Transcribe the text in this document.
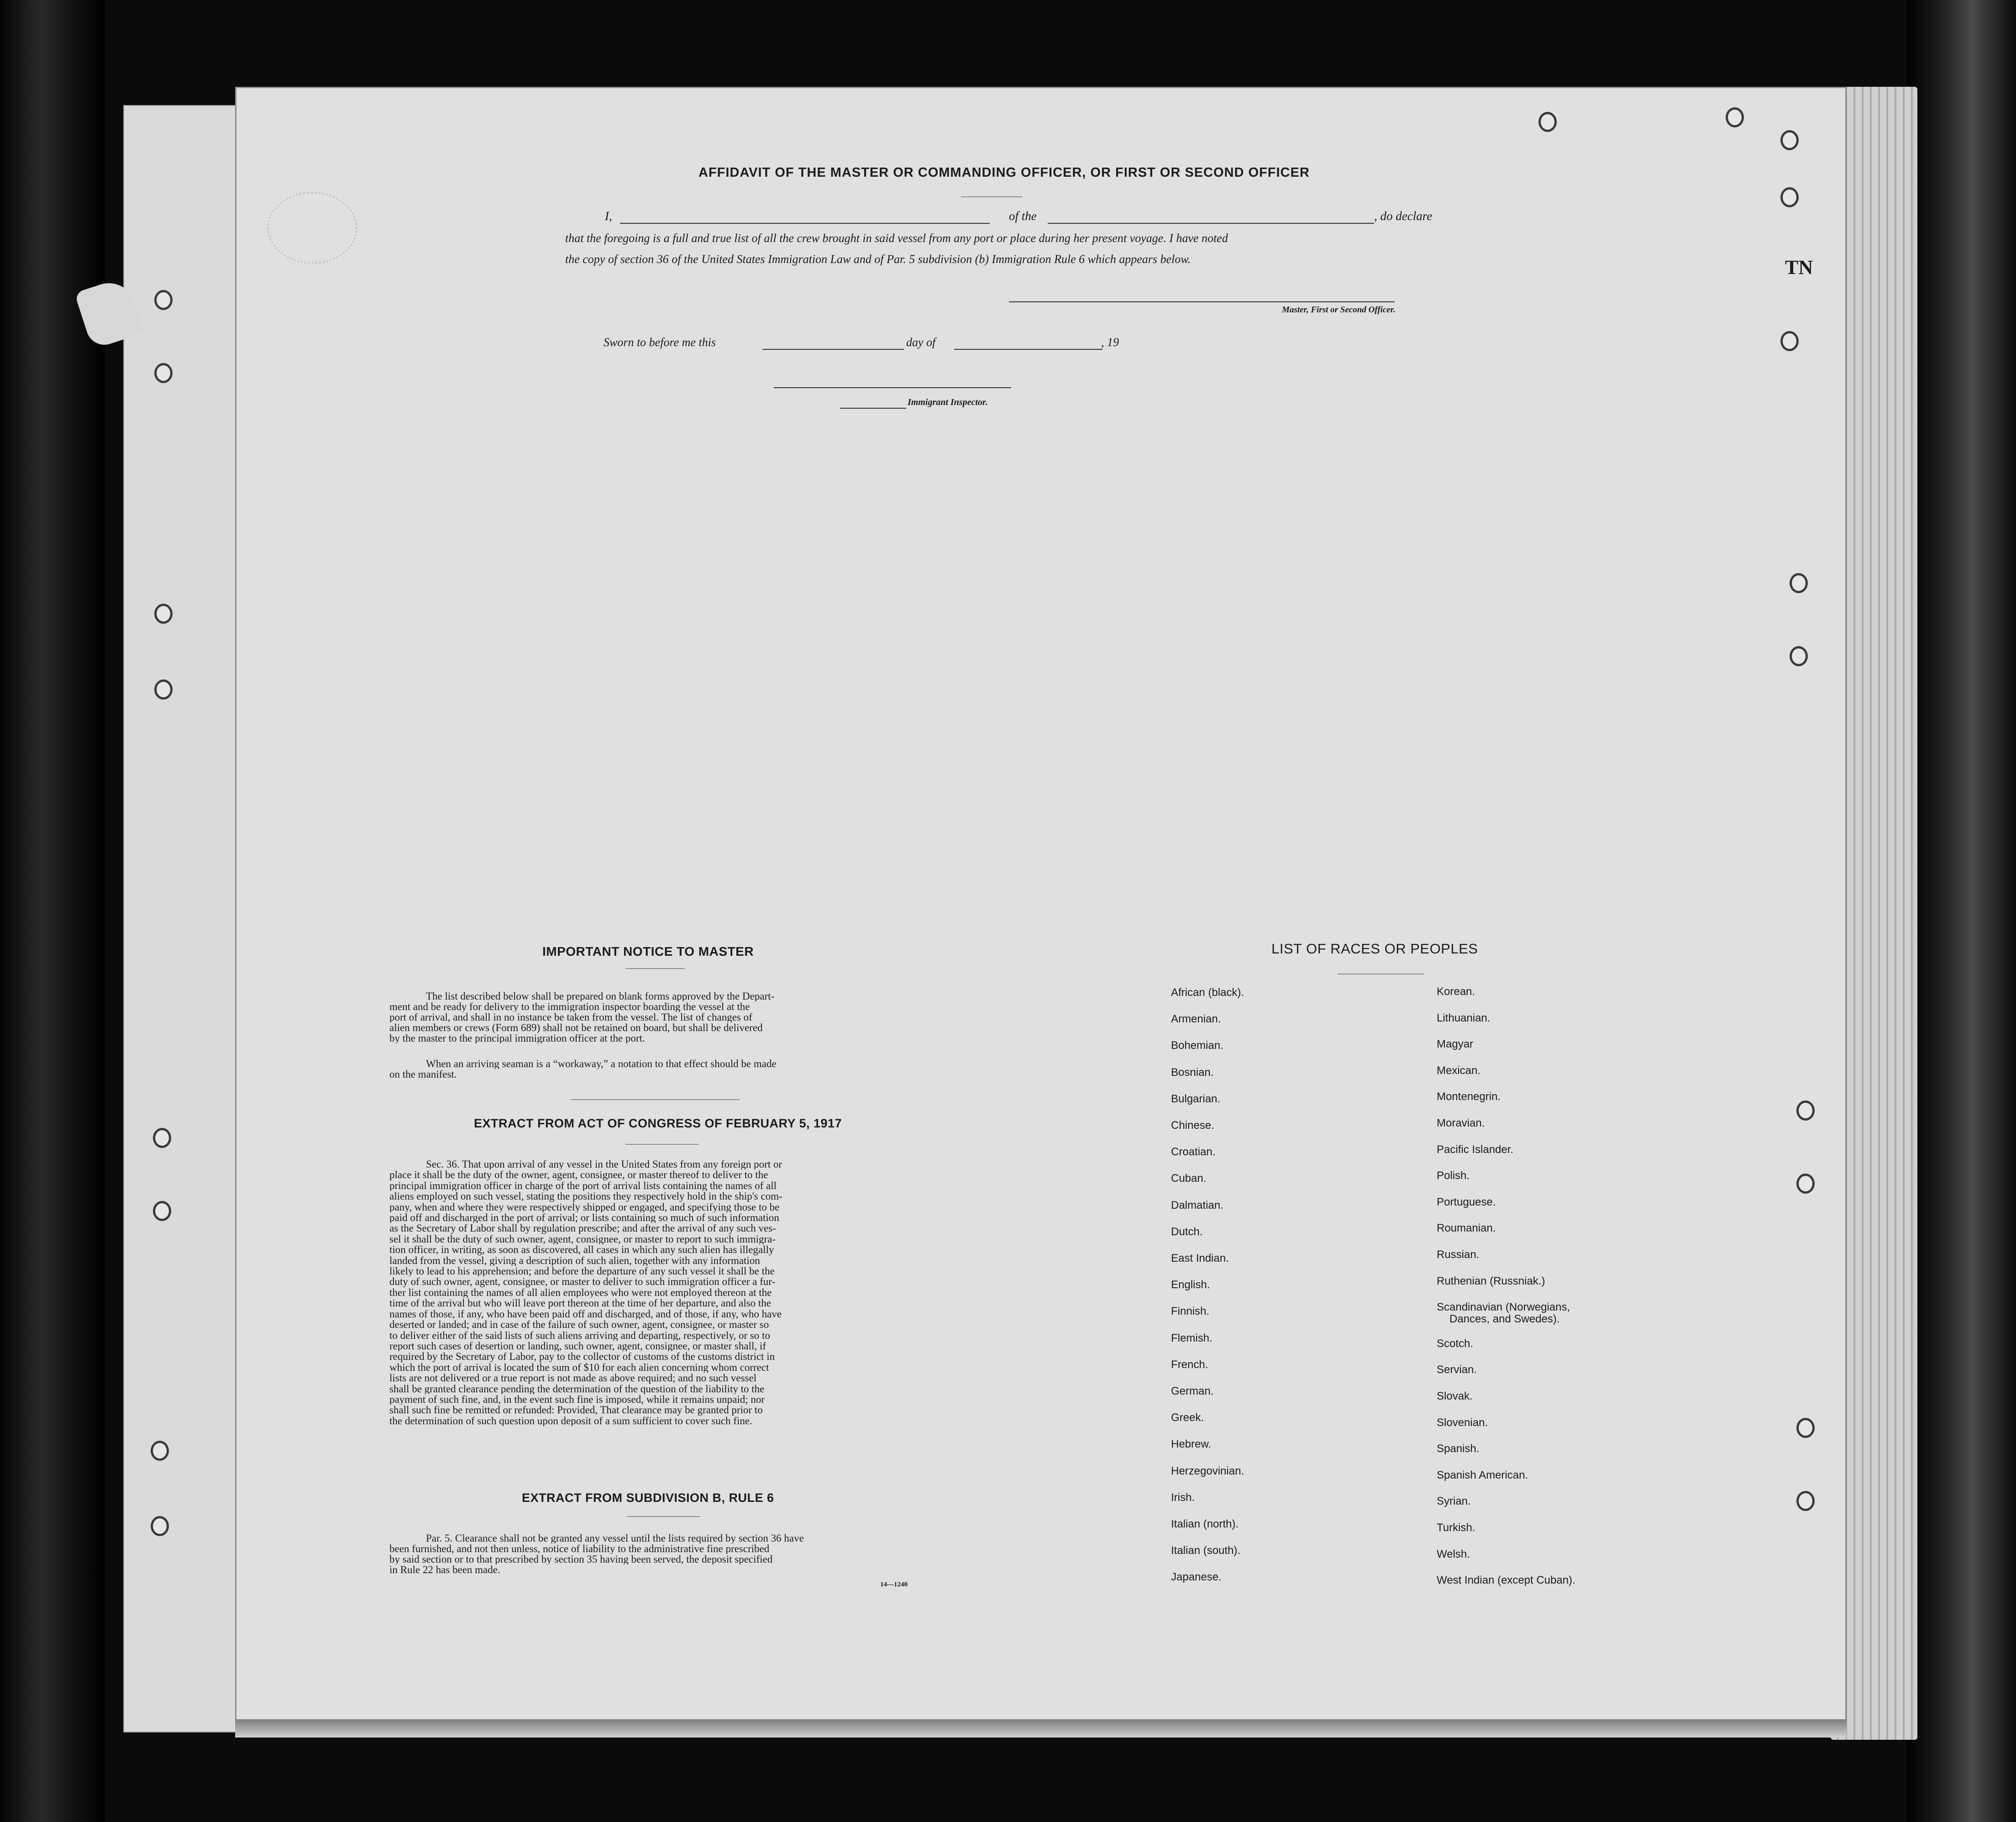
TN
AFFIDAVIT OF THE MASTER OR COMMANDING OFFICER, OR FIRST OR SECOND OFFICER
I,	of the	, do declare
that the foregoing is a full and true list of all the crew brought in said vessel from any port or place during her present voyage. I have noted
the copy of section 36 of the United States Immigration Law and of Par. 5 subdivision (b) Immigration Rule 6 which appears below.
Master, First or Second Officer.
Sworn to before me this	day of	, 19
Immigrant Inspector.
IMPORTANT NOTICE TO MASTER
The list described below shall be prepared on blank forms approved by the Depart-
ment and be ready for delivery to the immigration inspector boarding the vessel at the
port of arrival, and shall in no instance be taken from the vessel. The list of changes of
alien members or crews (Form 689) shall not be retained on board, but shall be delivered
by the master to the principal immigration officer at the port.
When an arriving seaman is a “workaway,” a notation to that effect should be made
on the manifest.
EXTRACT FROM ACT OF CONGRESS OF FEBRUARY 5, 1917
Sec. 36. That upon arrival of any vessel in the United States from any foreign port or
place it shall be the duty of the owner, agent, consignee, or master thereof to deliver to the
principal immigration officer in charge of the port of arrival lists containing the names of all
aliens employed on such vessel, stating the positions they respectively hold in the ship's com-
pany, when and where they were respectively shipped or engaged, and specifying those to be
paid off and discharged in the port of arrival; or lists containing so much of such information
as the Secretary of Labor shall by regulation prescribe; and after the arrival of any such ves-
sel it shall be the duty of such owner, agent, consignee, or master to report to such immigra-
tion officer, in writing, as soon as discovered, all cases in which any such alien has illegally
landed from the vessel, giving a description of such alien, together with any information
likely to lead to his apprehension; and before the departure of any such vessel it shall be the
duty of such owner, agent, consignee, or master to deliver to such immigration officer a fur-
ther list containing the names of all alien employees who were not employed thereon at the
time of the arrival but who will leave port thereon at the time of her departure, and also the
names of those, if any, who have been paid off and discharged, and of those, if any, who have
deserted or landed; and in case of the failure of such owner, agent, consignee, or master so
to deliver either of the said lists of such aliens arriving and departing, respectively, or so to
report such cases of desertion or landing, such owner, agent, consignee, or master shall, if
required by the Secretary of Labor, pay to the collector of customs of the customs district in
which the port of arrival is located the sum of $10 for each alien concerning whom correct
lists are not delivered or a true report is not made as above required; and no such vessel
shall be granted clearance pending the determination of the question of the liability to the
payment of such fine, and, in the event such fine is imposed, while it remains unpaid; nor
shall such fine be remitted or refunded: Provided, That clearance may be granted prior to
the determination of such question upon deposit of a sum sufficient to cover such fine.
EXTRACT FROM SUBDIVISION B, RULE 6
Par. 5. Clearance shall not be granted any vessel until the lists required by section 36 have
been furnished, and not then unless, notice of liability to the administrative fine prescribed
by said section or to that prescribed by section 35 having been served, the deposit specified
in Rule 22 has been made.
14—1240
LIST OF RACES OR PEOPLES
African (black).
Armenian.
Bohemian.
Bosnian.
Bulgarian.
Chinese.
Croatian.
Cuban.
Dalmatian.
Dutch.
East Indian.
English.
Finnish.
Flemish.
French.
German.
Greek.
Hebrew.
Herzegovinian.
Irish.
Italian (north).
Italian (south).
Japanese.
Korean.
Lithuanian.
Magyar
Mexican.
Montenegrin.
Moravian.
Pacific Islander.
Polish.
Portuguese.
Roumanian.
Russian.
Ruthenian (Russniak.)
Scandinavian (Norwegians,
Dances, and Swedes).
Scotch.
Servian.
Slovak.
Slovenian.
Spanish.
Spanish American.
Syrian.
Turkish.
Welsh.
West Indian (except Cuban).
